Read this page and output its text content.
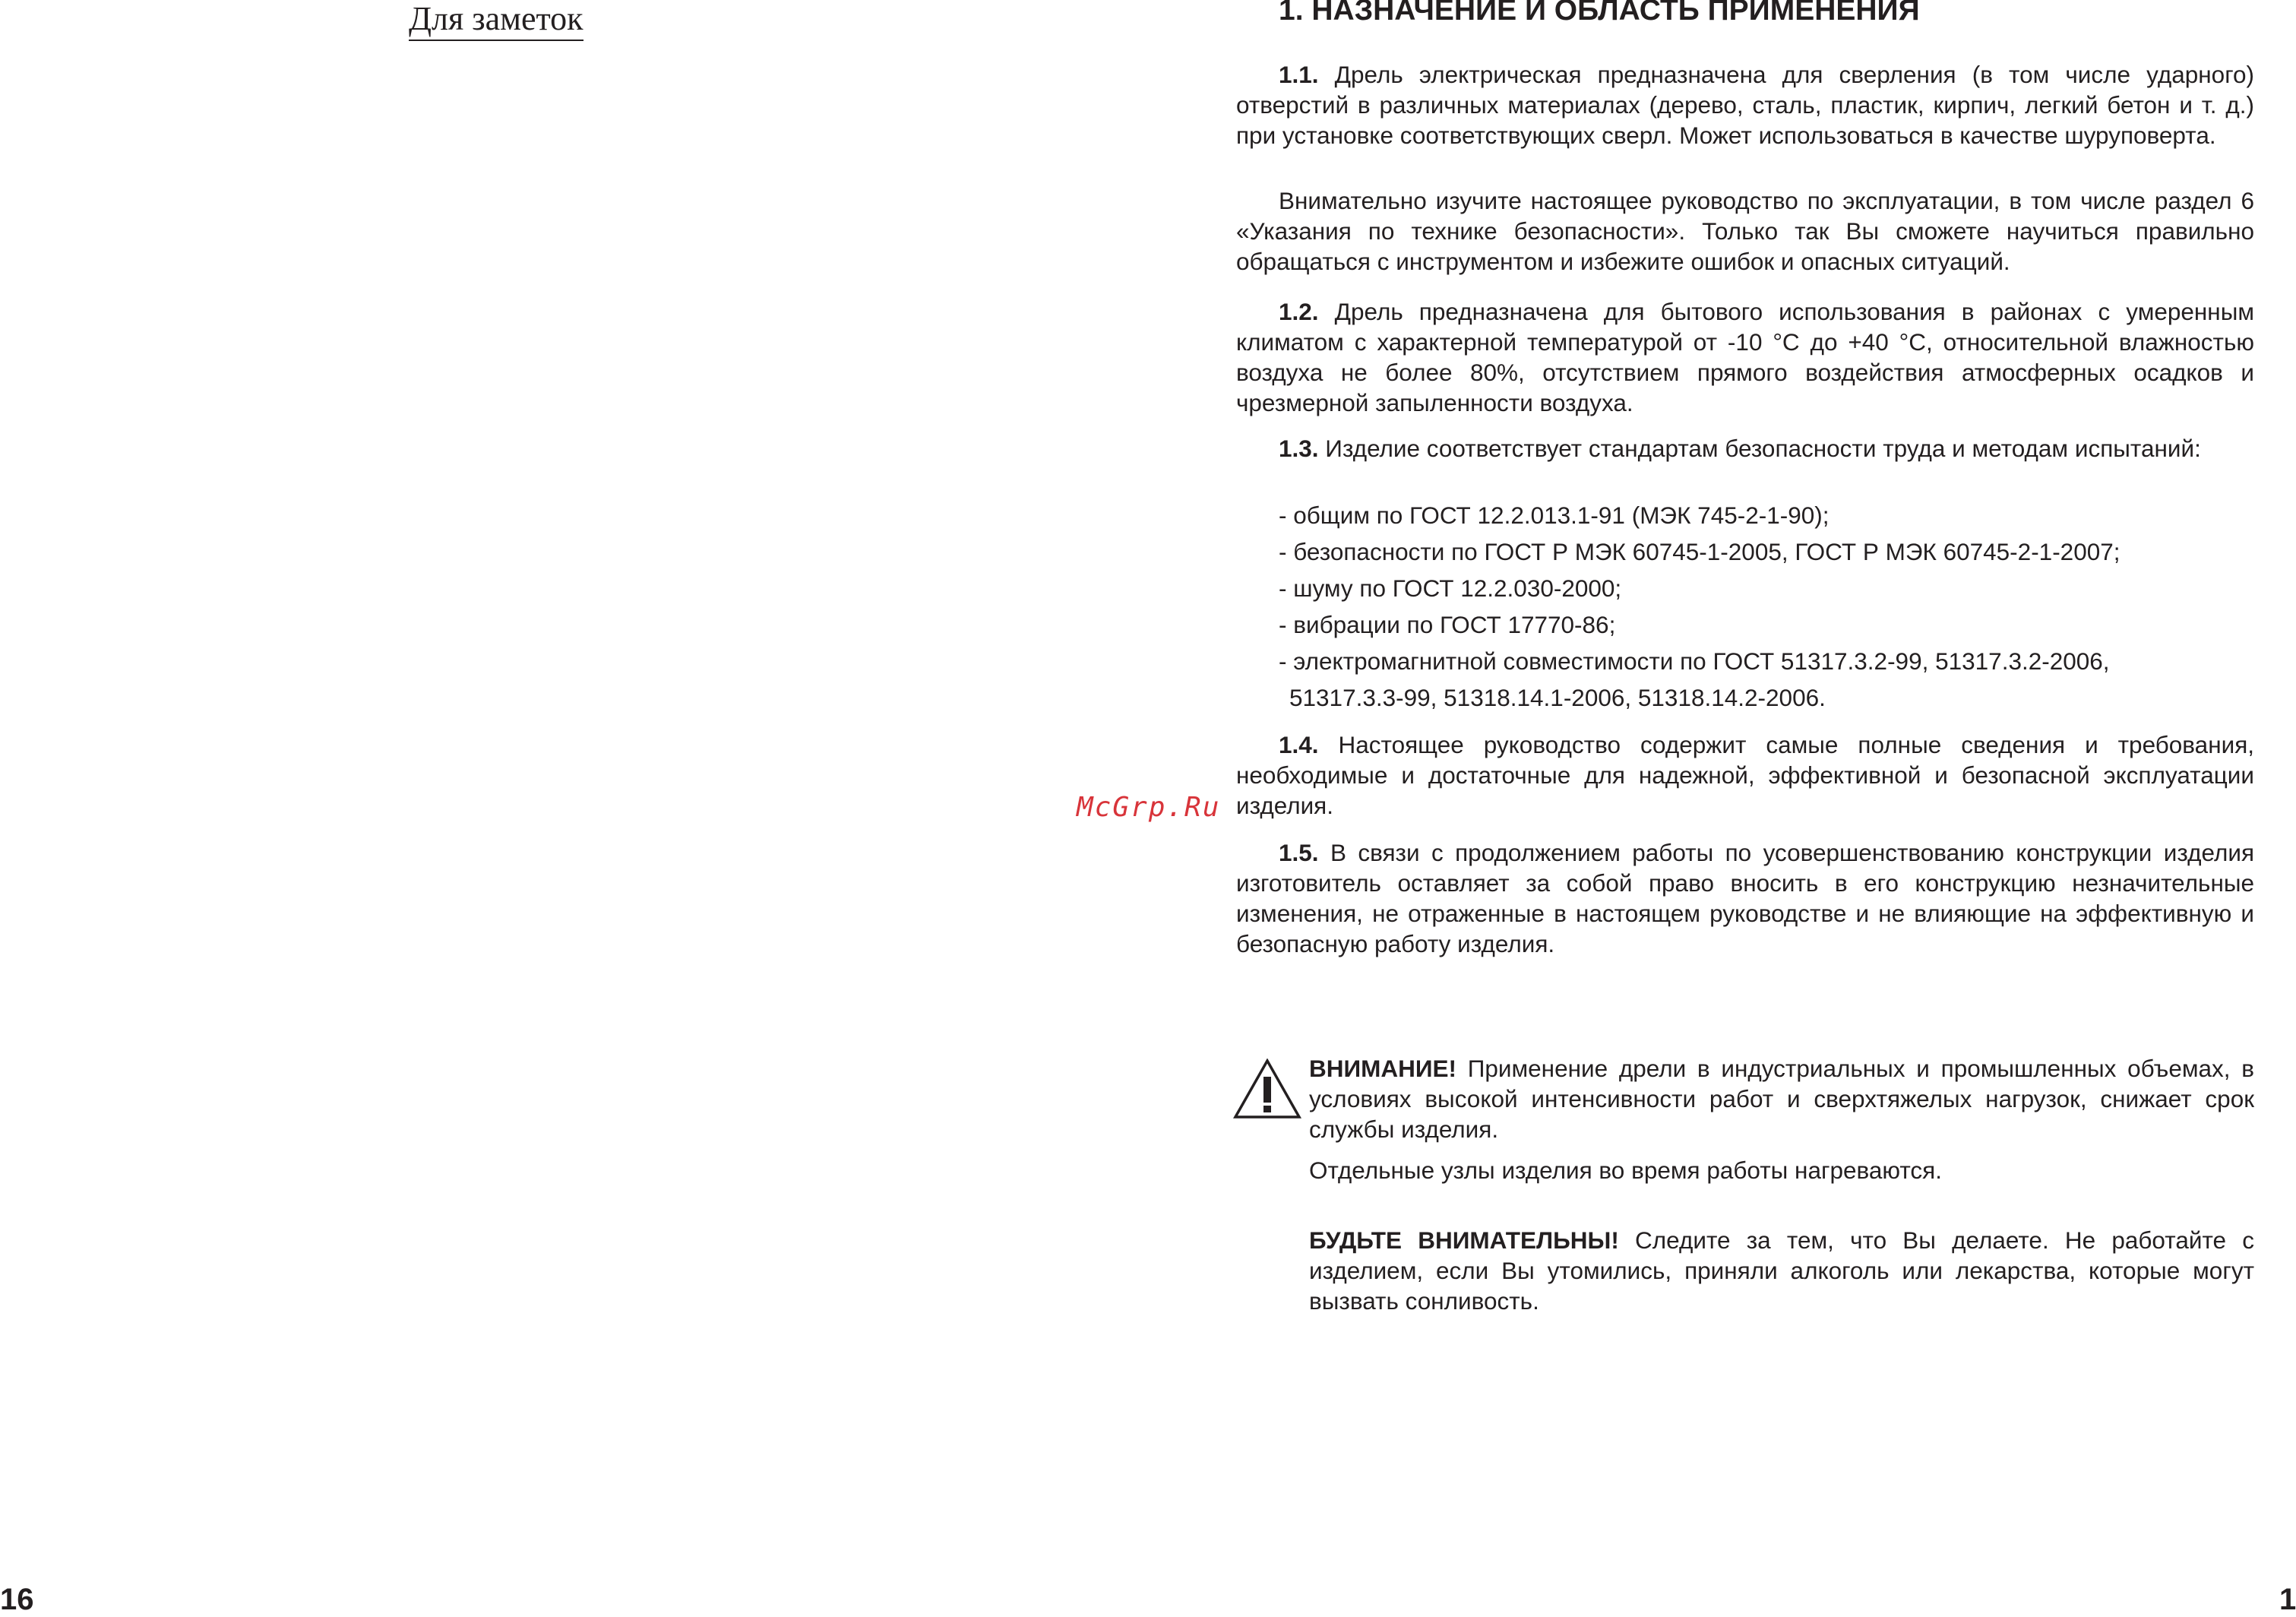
Для заметок
16
McGrp.Ru
1. НАЗНАЧЕНИЕ И ОБЛАСТЬ ПРИМЕНЕНИЯ

1.1. Дрель электрическая предназначена для сверления (в том числе ударного) отверстий в различных материалах (дерево, сталь, пластик, кирпич, легкий бетон и т. д.) при установке соответствующих сверл. Может использоваться в качестве шуруповерта.

Внимательно изучите настоящее руководство по эксплуатации, в том числе раздел 6 «Указания по технике безопасности». Только так Вы сможете научиться правильно обращаться с инструментом и избежите ошибок и опасных ситуаций.

1.2. Дрель предназначена для бытового использования в районах с умеренным климатом с характерной температурой от -10 °С до +40 °С, относительной влажностью воздуха не более 80%, отсутствием прямого воздействия атмосферных осадков и чрезмерной запыленности воздуха.

1.3. Изделие соответствует стандартам безопасности труда и методам испытаний:

- общим по ГОСТ 12.2.013.1-91 (МЭК 745-2-1-90);

- безопасности по ГОСТ Р МЭК 60745-1-2005, ГОСТ Р МЭК 60745-2-1-2007;

- шуму по ГОСТ 12.2.030-2000;

- вибрации по ГОСТ 17770-86;

- электромагнитной совместимости по ГОСТ 51317.3.2-99, 51317.3.2-2006,

51317.3.3-99, 51318.14.1-2006, 51318.14.2-2006.

1.4. Настоящее руководство содержит самые полные сведения и требования, необходимые и достаточные для надежной, эффективной и безопасной эксплуатации изделия.

1.5. В связи с продолжением работы по усовершенствованию конструкции изделия изготовитель оставляет за собой право вносить в его конструкцию незначительные изменения, не отраженные в настоящем руководстве и не влияющие на эффективную и безопасную работу изделия.

ВНИМАНИЕ! Применение дрели в индустриальных и промышленных объемах, в условиях высокой интенсивности работ и сверхтяжелых нагрузок, снижает срок службы изделия.

Отдельные узлы изделия во время работы нагреваются.

БУДЬТЕ ВНИМАТЕЛЬНЫ! Следите за тем, что Вы делаете. Не работайте с изделием, если Вы утомились, приняли алкоголь или лекарства, которые могут вызвать сонливость.

1
